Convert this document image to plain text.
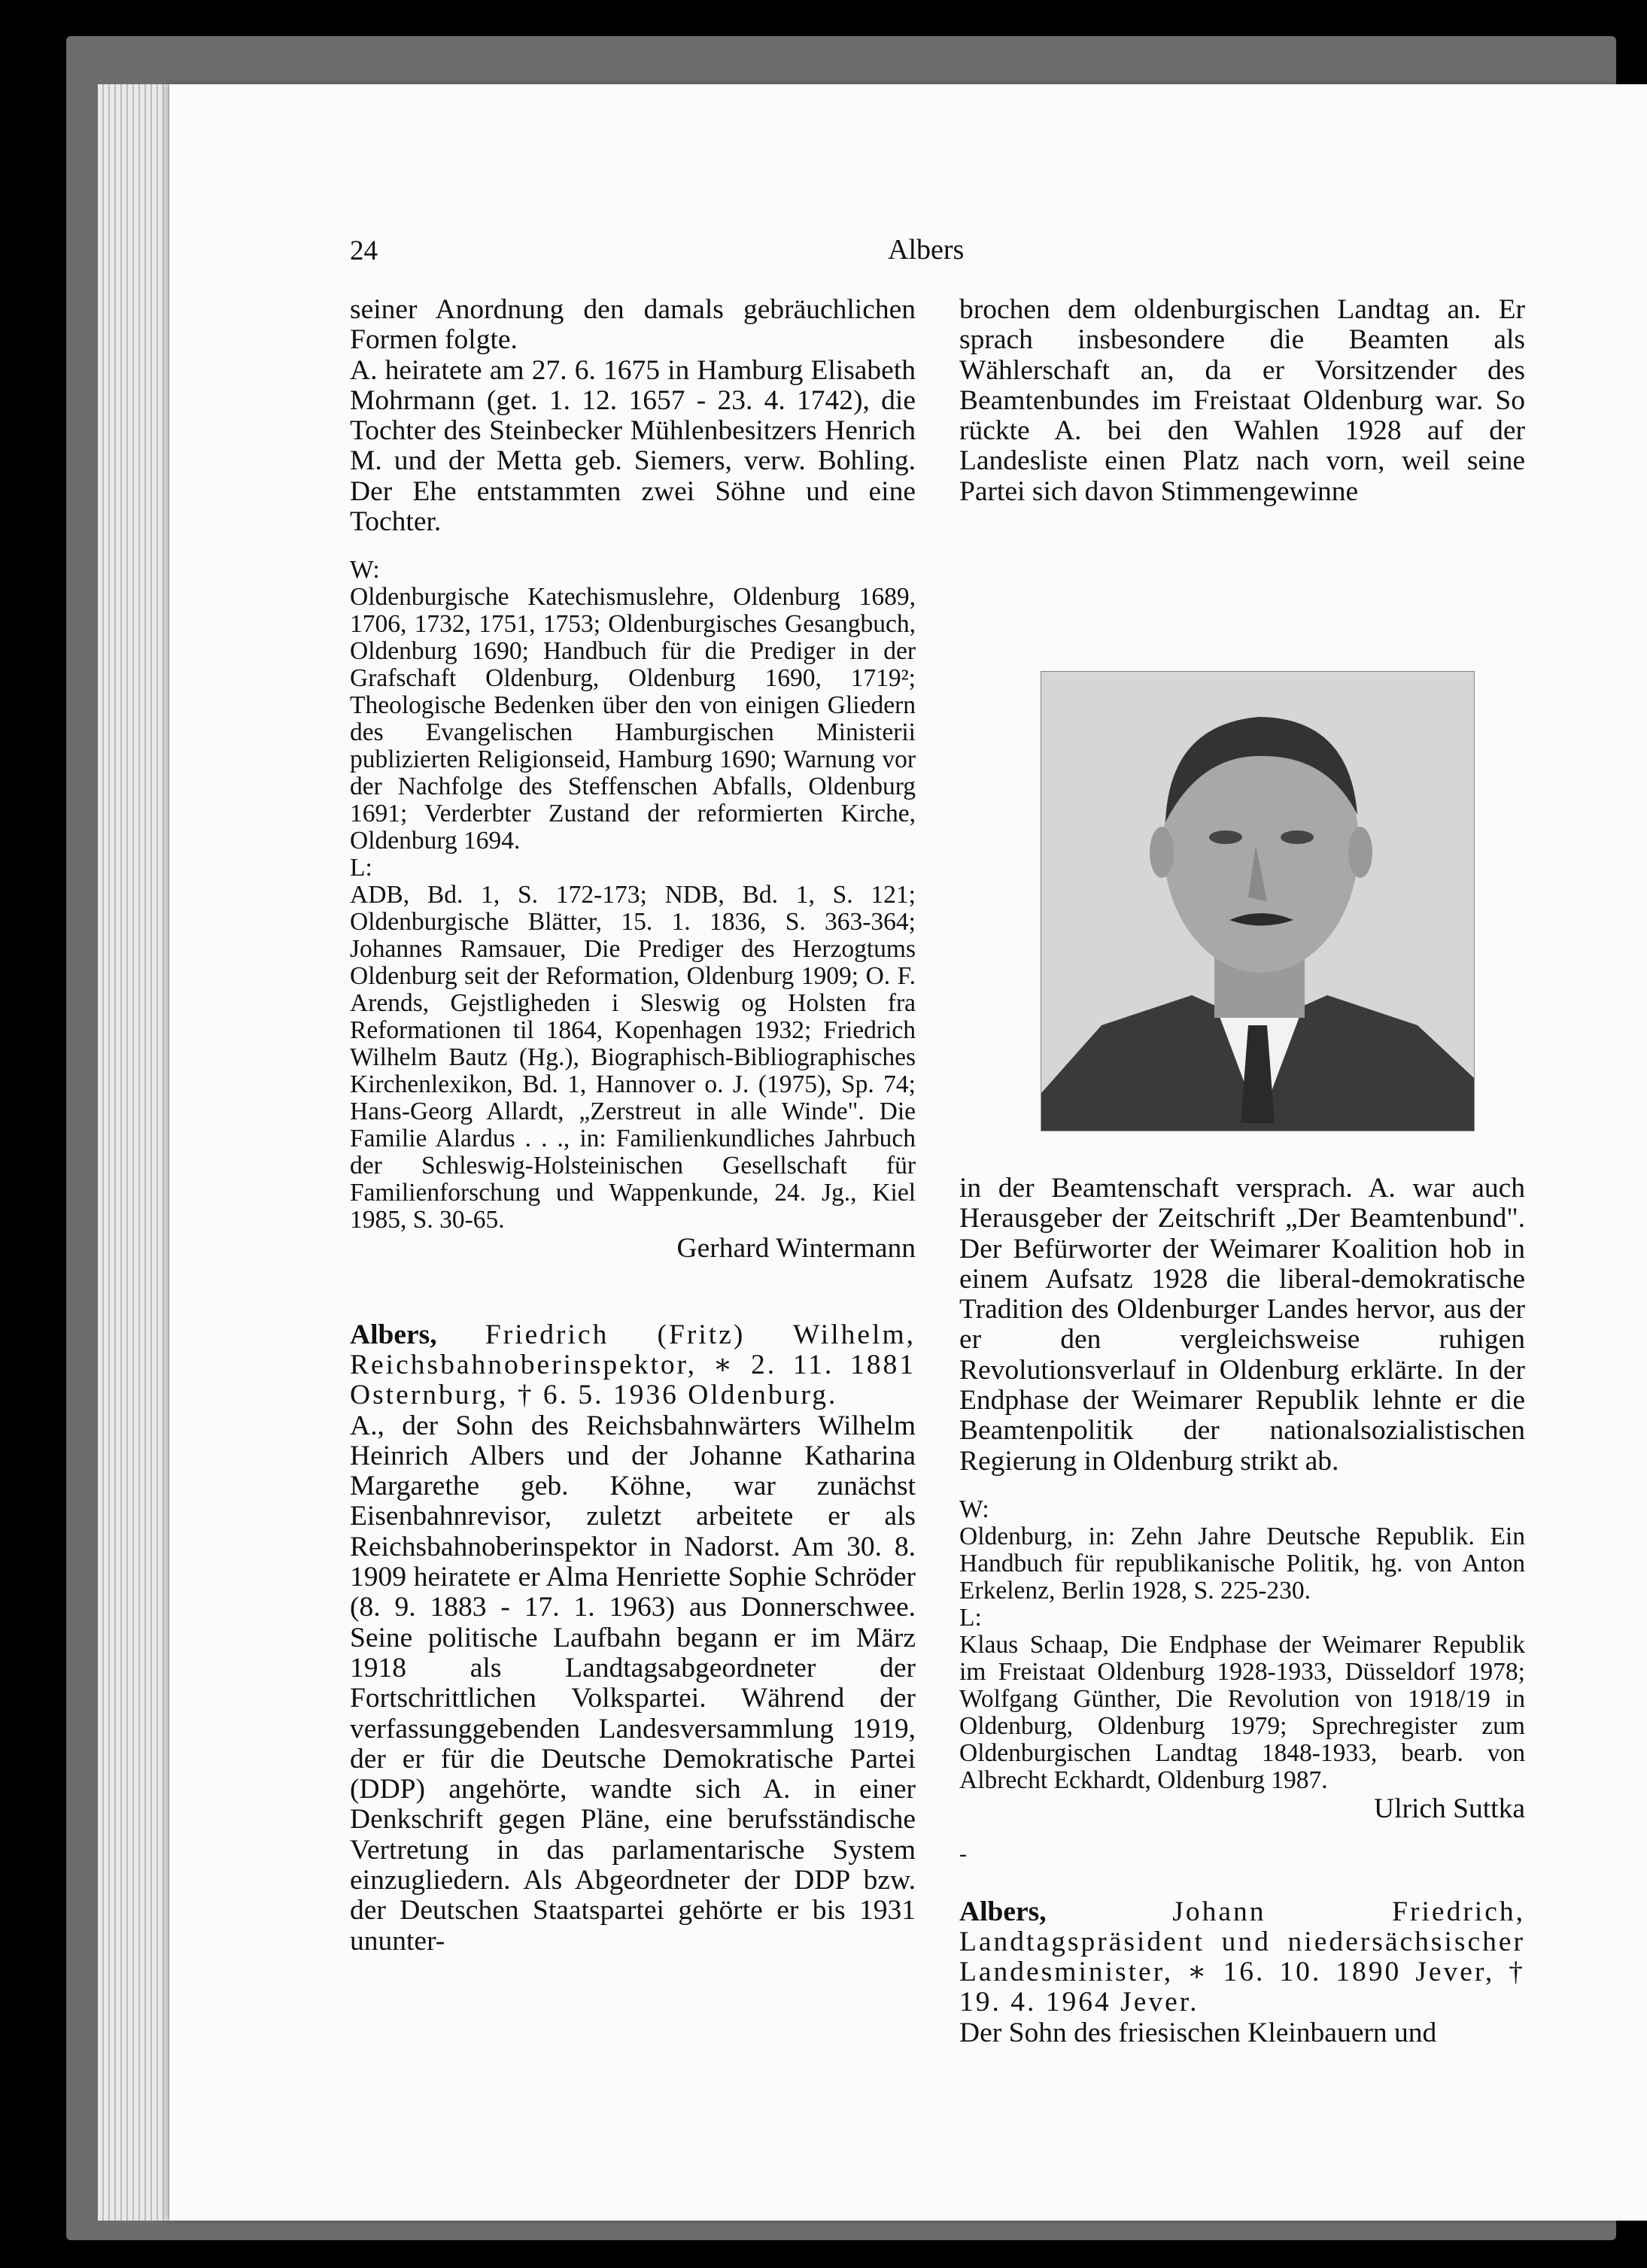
24	Albers

seiner Anordnung den damals gebräuchlichen Formen folgte.

A. heiratete am 27. 6. 1675 in Hamburg Elisabeth Mohrmann (get. 1. 12. 1657 - 23. 4. 1742), die Tochter des Steinbecker Mühlenbesitzers Henrich M. und der Metta geb. Siemers, verw. Bohling. Der Ehe entstammten zwei Söhne und eine Tochter.

W:

Oldenburgische Katechismuslehre, Oldenburg 1689, 1706, 1732, 1751, 1753; Oldenburgisches Gesangbuch, Oldenburg 1690; Handbuch für die Prediger in der Grafschaft Oldenburg, Oldenburg 1690, 1719²; Theologische Bedenken über den von einigen Gliedern des Evangelischen Hamburgischen Ministerii publizierten Religionseid, Hamburg 1690; Warnung vor der Nachfolge des Steffenschen Abfalls, Oldenburg 1691; Verderbter Zustand der reformierten Kirche, Oldenburg 1694.

L:

ADB, Bd. 1, S. 172-173; NDB, Bd. 1, S. 121; Oldenburgische Blätter, 15. 1. 1836, S. 363-364; Johannes Ramsauer, Die Prediger des Herzogtums Oldenburg seit der Reformation, Oldenburg 1909; O. F. Arends, Gejstligheden i Sleswig og Holsten fra Reformationen til 1864, Kopenhagen 1932; Friedrich Wilhelm Bautz (Hg.), Biographisch-Bibliographisches Kirchenlexikon, Bd. 1, Hannover o. J. (1975), Sp. 74; Hans-Georg Allardt, „Zerstreut in alle Winde". Die Familie Alardus . . ., in: Familienkundliches Jahrbuch der Schleswig-Holsteinischen Gesellschaft für Familienforschung und Wappenkunde, 24. Jg., Kiel 1985, S. 30-65.

Gerhard Wintermann

Albers, Friedrich (Fritz) Wilhelm, Reichsbahnoberinspektor, ∗ 2. 11. 1881 Osternburg, † 6. 5. 1936 Oldenburg.

A., der Sohn des Reichsbahnwärters Wilhelm Heinrich Albers und der Johanne Katharina Margarethe geb. Köhne, war zunächst Eisenbahnrevisor, zuletzt arbeitete er als Reichsbahnoberinspektor in Nadorst. Am 30. 8. 1909 heiratete er Alma Henriette Sophie Schröder (8. 9. 1883 - 17. 1. 1963) aus Donnerschwee. Seine politische Laufbahn begann er im März 1918 als Landtagsabgeordneter der Fortschrittlichen Volkspartei. Während der verfassunggebenden Landesversammlung 1919, der er für die Deutsche Demokratische Partei (DDP) angehörte, wandte sich A. in einer Denkschrift gegen Pläne, eine berufsständische Vertretung in das parlamentarische System einzugliedern. Als Abgeordneter der DDP bzw. der Deutschen Staatspartei gehörte er bis 1931 ununter-

brochen dem oldenburgischen Landtag an. Er sprach insbesondere die Beamten als Wählerschaft an, da er Vorsitzender des Beamtenbundes im Freistaat Oldenburg war. So rückte A. bei den Wahlen 1928 auf der Landesliste einen Platz nach vorn, weil seine Partei sich davon Stimmengewinne

in der Beamtenschaft versprach. A. war auch Herausgeber der Zeitschrift „Der Beamtenbund". Der Befürworter der Weimarer Koalition hob in einem Aufsatz 1928 die liberal-demokratische Tradition des Oldenburger Landes hervor, aus der er den vergleichsweise ruhigen Revolutionsverlauf in Oldenburg erklärte. In der Endphase der Weimarer Republik lehnte er die Beamtenpolitik der nationalsozialistischen Regierung in Oldenburg strikt ab.

W:

Oldenburg, in: Zehn Jahre Deutsche Republik. Ein Handbuch für republikanische Politik, hg. von Anton Erkelenz, Berlin 1928, S. 225-230.

L:

Klaus Schaap, Die Endphase der Weimarer Republik im Freistaat Oldenburg 1928-1933, Düsseldorf 1978; Wolfgang Günther, Die Revolution von 1918/19 in Oldenburg, Oldenburg 1979; Sprechregister zum Oldenburgischen Landtag 1848-1933, bearb. von Albrecht Eckhardt, Oldenburg 1987.

Ulrich Suttka

-

Albers,	Johann Friedrich, Landtagspräsident und niedersächsischer Landesminister, ∗ 16. 10. 1890 Jever, † 19. 4. 1964 Jever.

Der Sohn des friesischen Kleinbauern und
